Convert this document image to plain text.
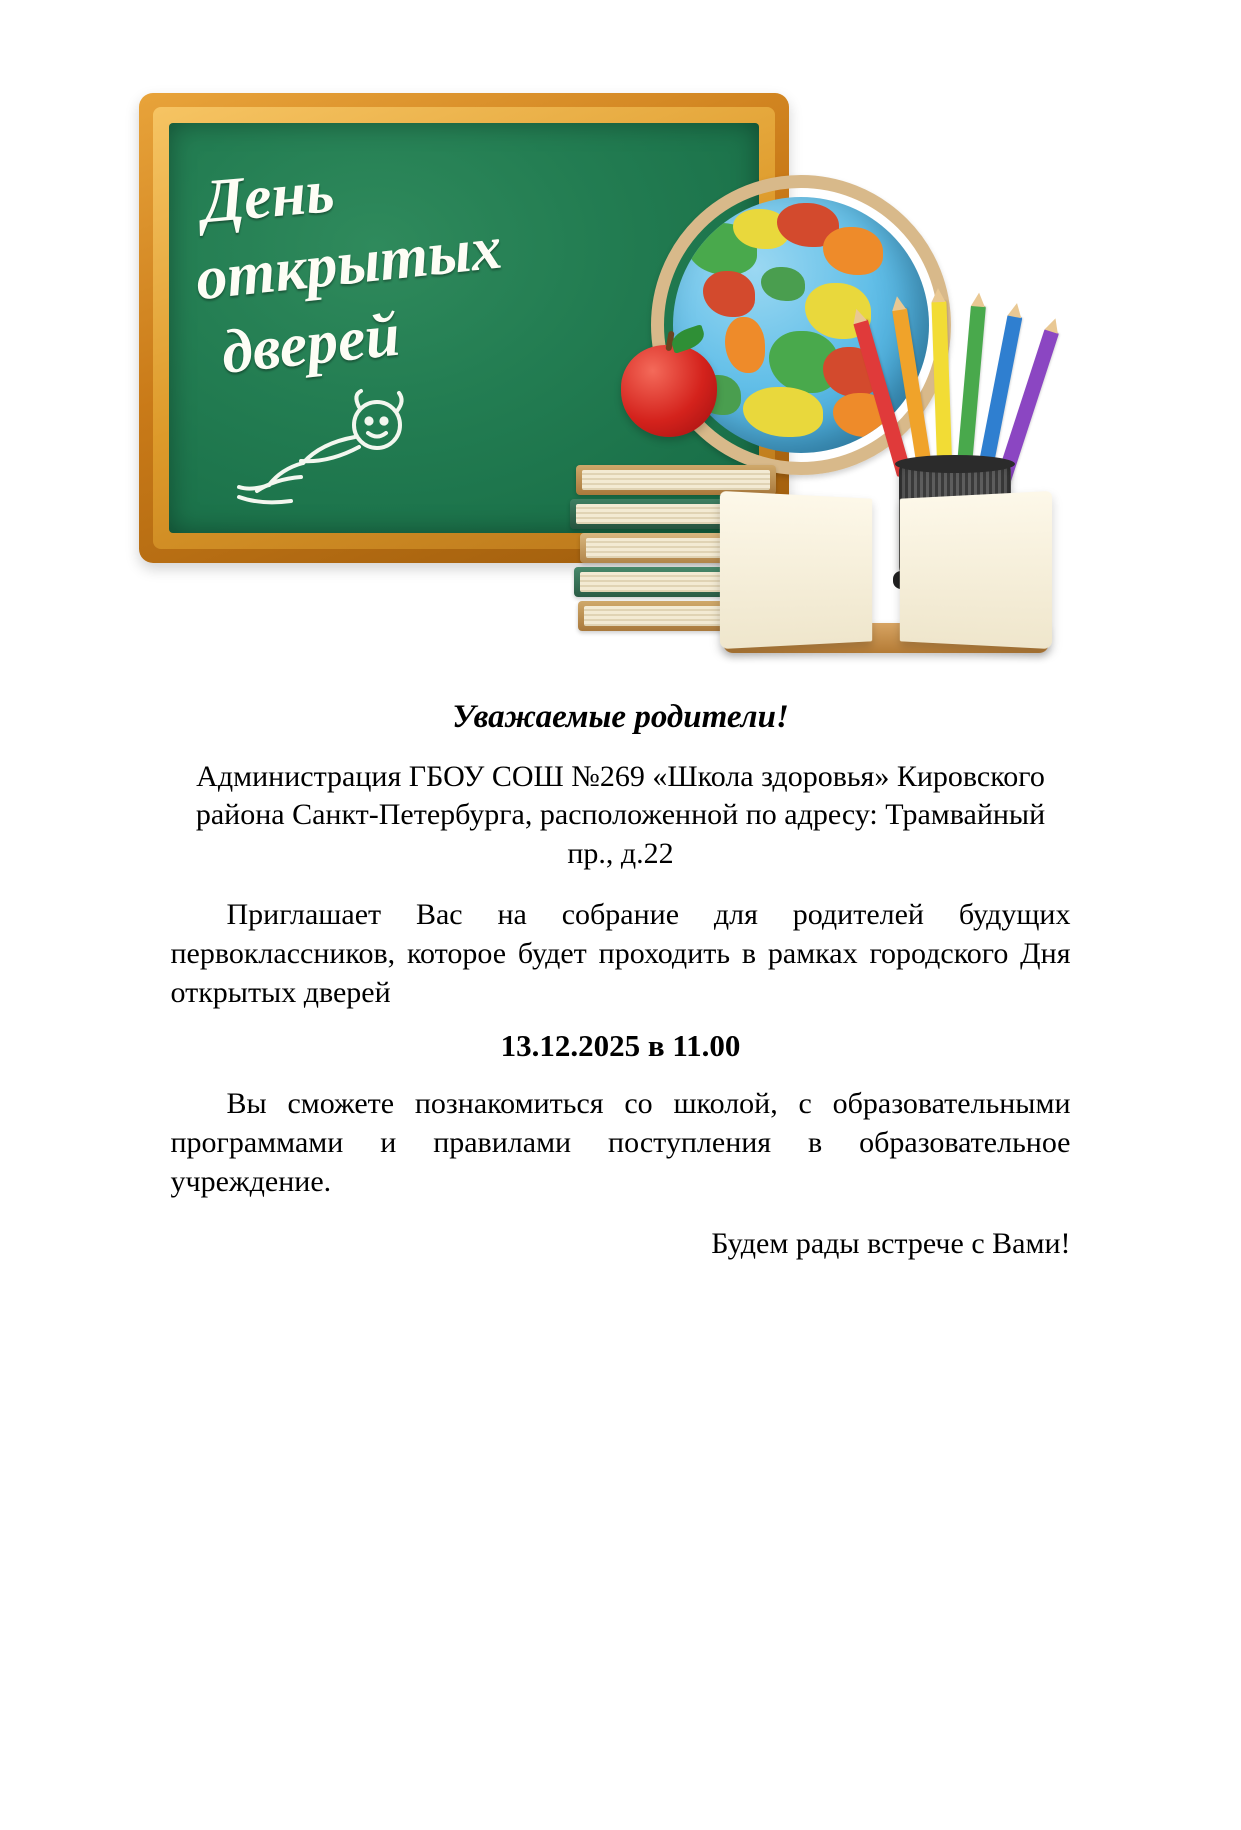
День
открытых
дверей
Уважаемые родители!

Администрация ГБОУ СОШ №269 «Школа здоровья» Кировского района Санкт-Петербурга, расположенной по адресу: Трамвайный пр., д.22

Приглашает Вас на собрание для родителей будущих первоклассников, которое будет проходить в рамках городского Дня открытых дверей

13.12.2025 в 11.00

Вы сможете познакомиться со школой, с образовательными программами и правилами поступления в образовательное учреждение.

Будем рады встрече с Вами!
